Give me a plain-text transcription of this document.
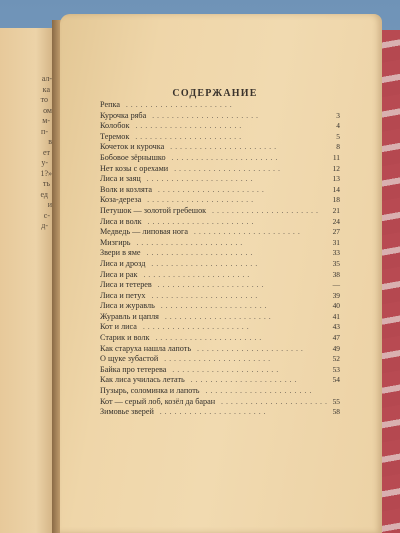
ал-
ка
то
ом
м-
п-
в
ет
у-
1?»
ть
ед
и
с-
д-
СОДЕРЖАНИЕ
......................
Репка
......................
Курочка ряба	3
......................
Колобок	4
......................
Теремок	5
......................
Кочеток и курочка	8
......................
Бобовое зёрнышко	11
......................
Нет козы с орехами	12
......................
Лиса и заяц	13
......................
Волк и козлята	14
......................
Коза-дереза	18
......................
Петушок — золотой гребешок	21
......................
Лиса и волк	24
......................
Медведь — липовая нога	27
......................
Мизгирь	31
......................
Звери в яме	33
......................
Лиса и дрозд	35
......................
Лиса и рак	38
......................
Лиса и тетерев	—
......................
Лиса и петух	39
......................
Лиса и журавль	40
......................
Журавль и цапля	41
......................
Кот и лиса	43
......................
Старик и волк	47
......................
Как старуха нашла лапоть	49
......................
О щуке зубастой	52
......................
Байка про тетерева	53
......................
Как лиса училась летать	54
......................
Пузырь, соломинка и лапоть
......................
Кот — серый лоб, козёл да баран	55
......................
Зимовье зверей	58
